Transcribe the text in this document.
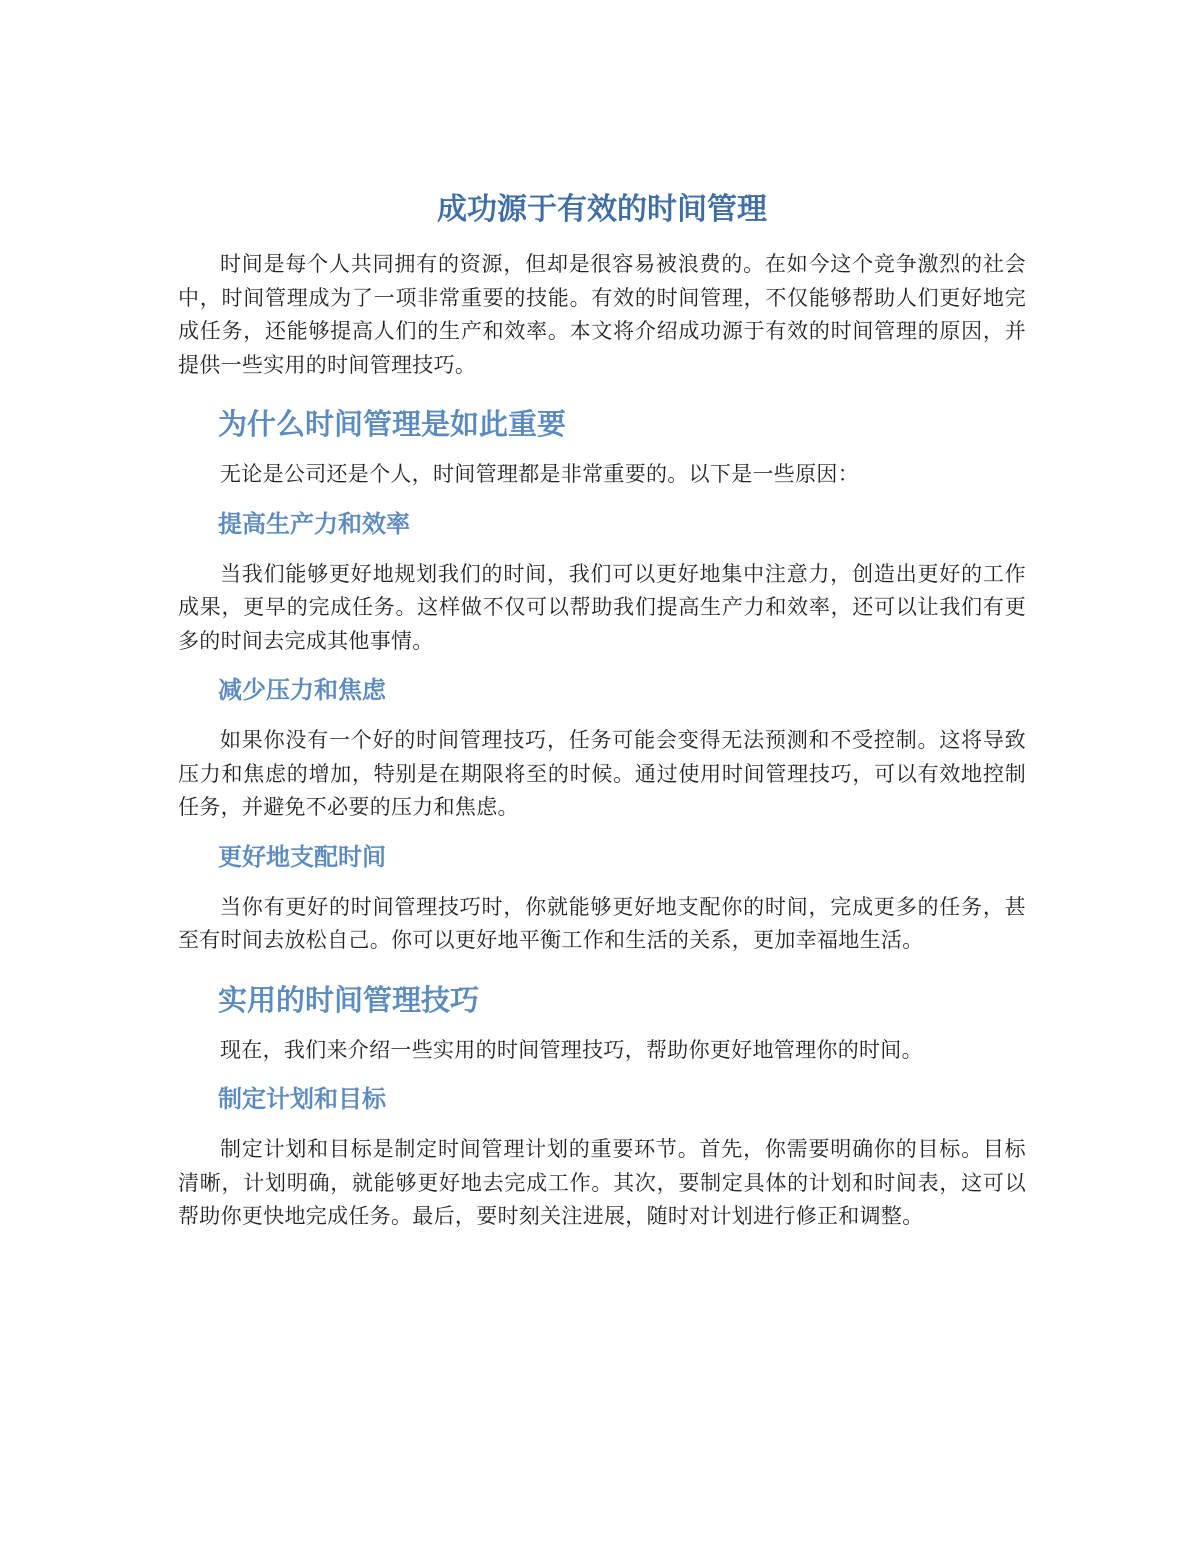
成功源于有效的时间管理

时间是每个人共同拥有的资源，但却是很容易被浪费的。在如今这个竞争激烈的社会中，时间管理成为了一项非常重要的技能。有效的时间管理，不仅能够帮助人们更好地完成任务，还能够提高人们的生产和效率。本文将介绍成功源于有效的时间管理的原因，并提供一些实用的时间管理技巧。

为什么时间管理是如此重要

无论是公司还是个人，时间管理都是非常重要的。以下是一些原因：

提高生产力和效率

当我们能够更好地规划我们的时间，我们可以更好地集中注意力，创造出更好的工作成果，更早的完成任务。这样做不仅可以帮助我们提高生产力和效率，还可以让我们有更多的时间去完成其他事情。

减少压力和焦虑

如果你没有一个好的时间管理技巧，任务可能会变得无法预测和不受控制。这将导致压力和焦虑的增加，特别是在期限将至的时候。通过使用时间管理技巧，可以有效地控制任务，并避免不必要的压力和焦虑。

更好地支配时间

当你有更好的时间管理技巧时，你就能够更好地支配你的时间，完成更多的任务，甚至有时间去放松自己。你可以更好地平衡工作和生活的关系，更加幸福地生活。

实用的时间管理技巧

现在，我们来介绍一些实用的时间管理技巧，帮助你更好地管理你的时间。

制定计划和目标

制定计划和目标是制定时间管理计划的重要环节。首先，你需要明确你的目标。目标清晰，计划明确，就能够更好地去完成工作。其次，要制定具体的计划和时间表，这可以帮助你更快地完成任务。最后，要时刻关注进展，随时对计划进行修正和调整。
